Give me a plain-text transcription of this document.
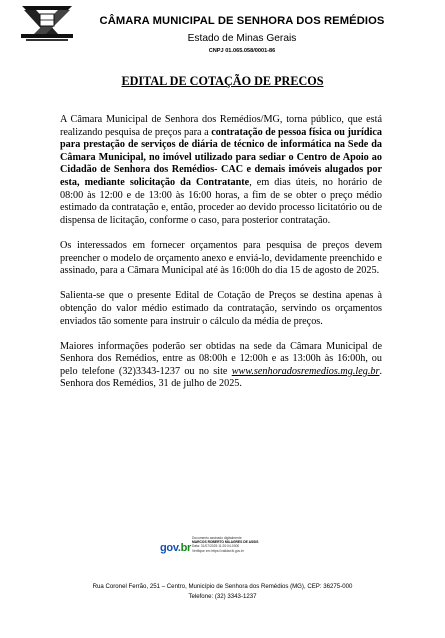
CÂMARA MUNICIPAL DE SENHORA DOS REMÉDIOS
Estado de Minas Gerais
CNPJ 01.065.058/0001-86
EDITAL DE COTAÇÃO DE PRECOS

A Câmara Municipal de Senhora dos Remédios/MG, torna público, que está realizando pesquisa de preços para a contratação de pessoa física ou jurídica para prestação de serviços de diária de técnico de informática na Sede da Câmara Municipal, no imóvel utilizado para sediar o Centro de Apoio ao Cidadão de Senhora dos Remédios- CAC e demais imóveis alugados por esta, mediante solicitação da Contratante, em dias úteis, no horário de 08:00 às 12:00 e de 13:00 às 16:00 horas, a fim de se obter o preço médio estimado da contratação e, então, proceder ao devido processo licitatório ou de dispensa de licitação, conforme o caso, para posterior contratação.

Os interessados em fornecer orçamentos para pesquisa de preços devem preencher o modelo de orçamento anexo e enviá-lo, devidamente preenchido e assinado, para a Câmara Municipal até às 16:00h do dia 15 de agosto de 2025.

Salienta-se que o presente Edital de Cotação de Preços se destina apenas à obtenção do valor médio estimado da contratação, servindo os orçamentos enviados tão somente para instruir o cálculo da média de preços.

Maiores informações poderão ser obtidas na sede da Câmara Municipal de Senhora dos Remédios, entre as 08:00h e 12:00h e as 13:00h às 16:00h, ou pelo telefone (32)3343-1237 ou no site www.senhoradosremedios.mg.leg.br. Senhora dos Remédios, 31 de julho de 2025.

gov.br
Documento assinado digitalmente
MARCOS ROBERTO MILAGRES DE ASSIS
Data: 31/07/2025 11:20:04-0300
Verifique em https://validar.iti.gov.br
Rua Coronel Ferrão, 251 – Centro, Município de Senhora dos Remédios (MG), CEP: 36275-000
Telefone: (32) 3343-1237
